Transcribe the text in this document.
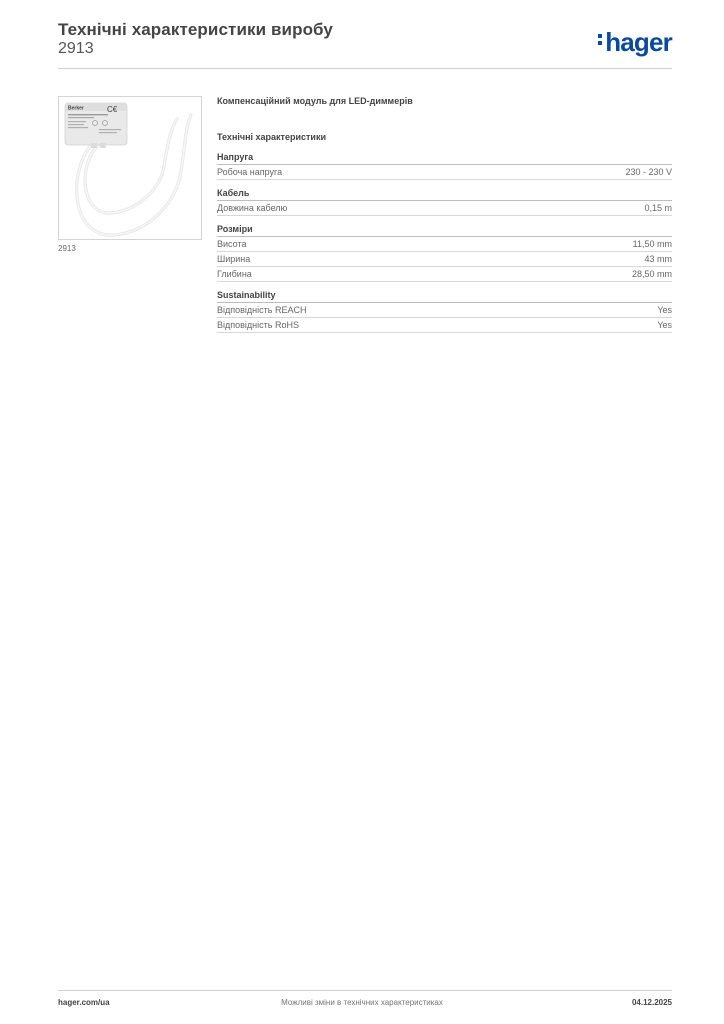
Технічні характеристики виробу
2913	hager
Berker	C€
2913
Компенсаційний модуль для LED-диммерів
Технічні характеристики
Напруга
Робоча напруга	230 - 230 V
Кабель
Довжина кабелю	0,15 m
Розміри
Висота	11,50 mm
Ширина	43 mm
Глибина	28,50 mm
Sustainability
Відповідність REACH	Yes
Відповідність RoHS	Yes
hager.com/ua	Можливі зміни в технічних характеристиках	04.12.2025
